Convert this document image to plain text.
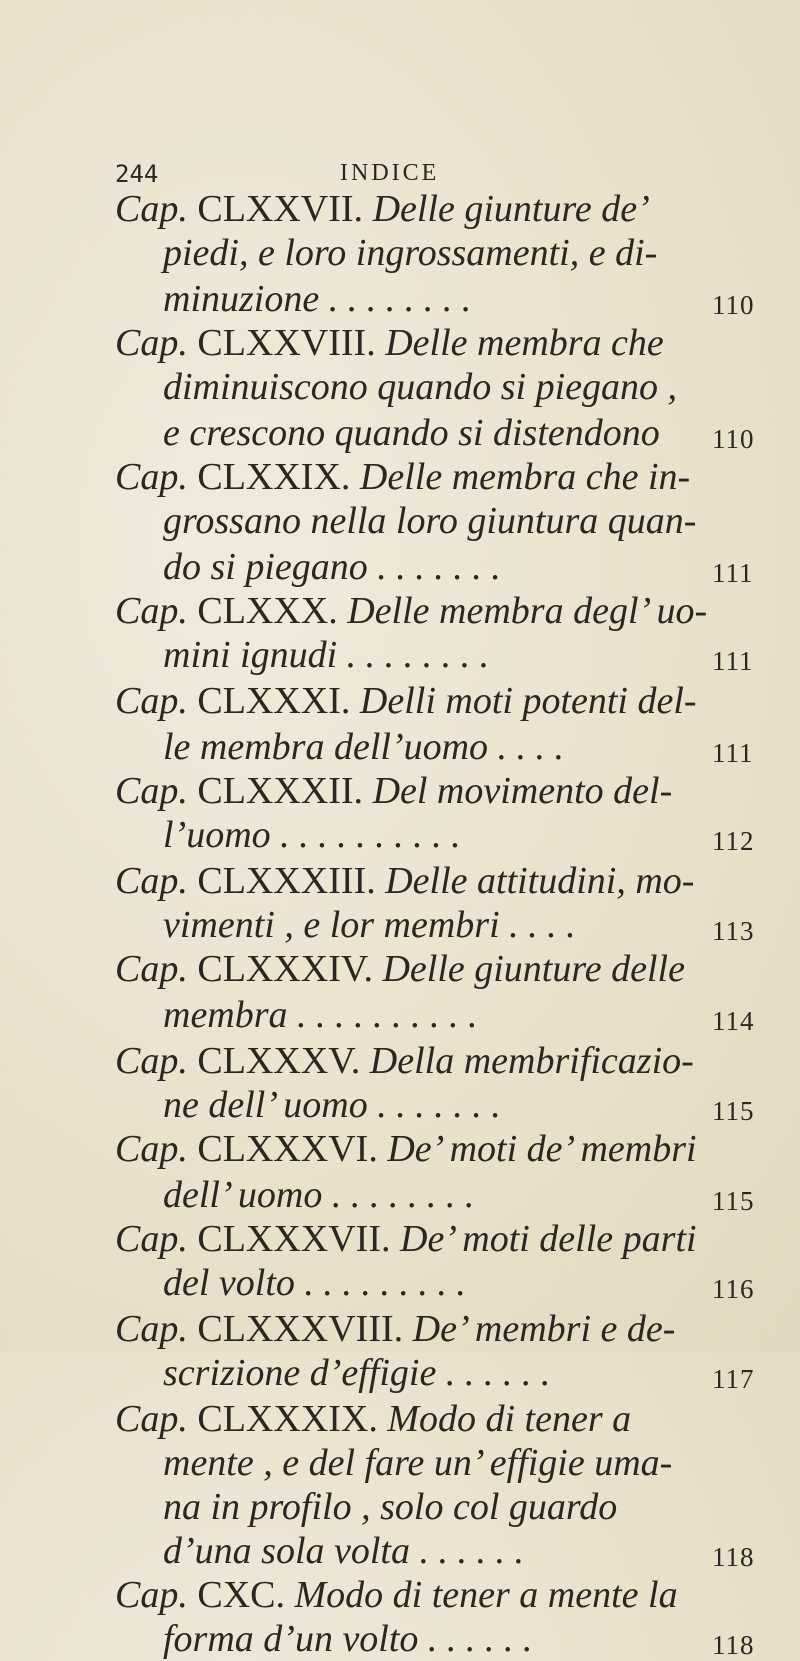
244	INDICE
Cap. CLXXVII. Delle giunture de’
piedi, e loro ingrossamenti, e di-
minuzione . . . . . . . .	110
Cap. CLXXVIII. Delle membra che
diminuiscono quando si piegano ,
e crescono quando si distendono 110
Cap. CLXXIX. Delle membra che in-
grossano nella loro giuntura quan-
do si piegano . . . . . . .	111
Cap. CLXXX. Delle membra degl’ uo-
mini ignudi . . . . . . . .	111
Cap. CLXXXI. Delli moti potenti del-
le membra dell’uomo . . . .	111
Cap. CLXXXII. Del movimento del-
l’uomo . . . . . . . . . .	112
Cap. CLXXXIII. Delle attitudini, mo-
vimenti , e lor membri . . . .	113
Cap. CLXXXIV. Delle giunture delle
membra . . . . . . . . . .	114
Cap. CLXXXV. Della membrificazio-
ne dell’ uomo . . . . . . .	115
Cap. CLXXXVI. De’ moti de’ membri
dell’ uomo . . . . . . . .	115
Cap. CLXXXVII. De’ moti delle parti
del volto . . . . . . . . .	116
Cap. CLXXXVIII. De’ membri e de-
scrizione d’effigie . . . . . .	117
Cap. CLXXXIX. Modo di tener a
mente , e del fare un’ effigie uma-
na in profilo , solo col guardo
d’una sola volta . . . . . .	118
Cap. CXC. Modo di tener a mente la
forma d’un volto . . . . . .	118
